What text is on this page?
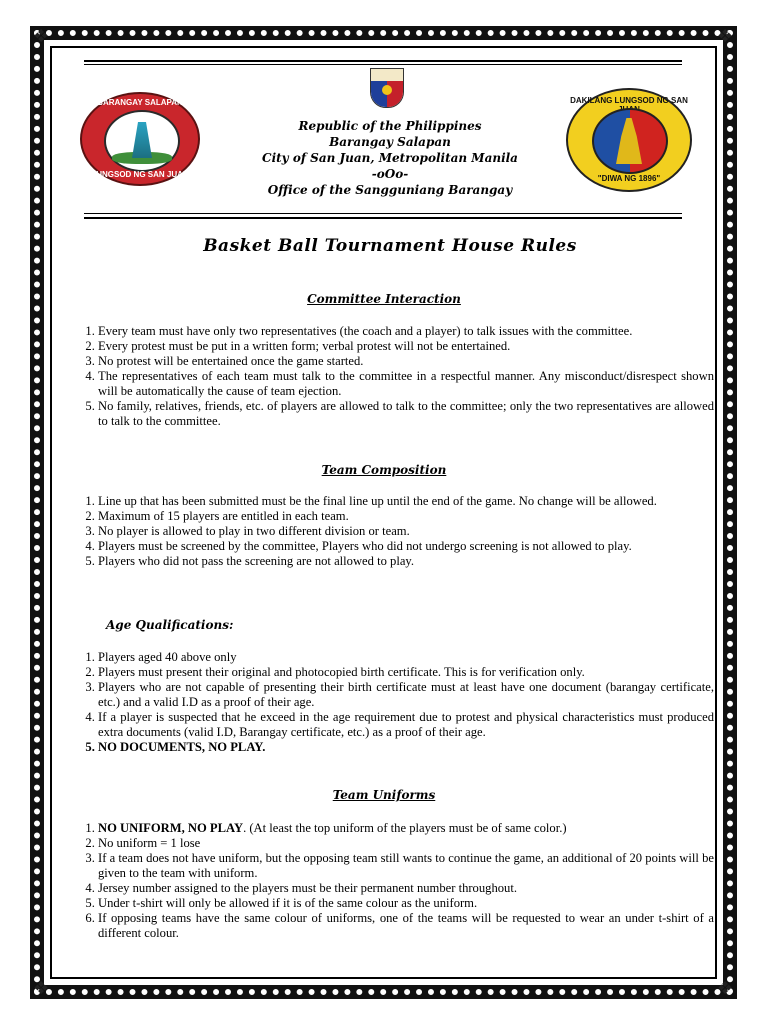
❖	❖
❖	❖
BARANGAY SALAPAN
LUNGSOD NG SAN JUAN
DAKILANG LUNGSOD NG SAN
"DIWA NG 1896"
Republic of the Philippines
Barangay Salapan
City of San Juan, Metropolitan Manila
-oOo-
Office of the Sangguniang Barangay
Basket Ball Tournament House Rules
Committee Interaction
1. Every team must have only two representatives (the coach and a player) to talk issues with the committee.
2. Every protest must be put in a written form; verbal protest will not be entertained.
3. No protest will be entertained once the game started.
4. The representatives of each team must talk to the committee in a respectful manner. Any misconduct/disrespect shown will be automatically the cause of team ejection.
5. No family, relatives, friends, etc. of players are allowed to talk to the committee; only the two representatives are allowed to talk to the committee.
Team Composition
1. Line up that has been submitted must be the final line up until the end of the game. No change will be allowed.
2. Maximum of 15 players are entitled in each team.
3. No player is allowed to play in two different division or team.
4. Players must be screened by the committee, Players who did not undergo screening is not allowed to play.
5. Players who did not pass the screening are not allowed to play.
Age Qualifications:
1. Players aged 40 above only
2. Players must present their original and photocopied birth certificate. This is for verification only.
3. Players who are not capable of presenting their birth certificate must at least have one document (barangay certificate, etc.) and a valid I.D as a proof of their age.
4. If a player is suspected that he exceed in the age requirement due to protest and physical characteristics must produced extra documents (valid I.D, Barangay certificate, etc.) as a proof of their age.
5. NO DOCUMENTS, NO PLAY.
Team Uniforms
1. NO UNIFORM, NO PLAY. (At least the top uniform of the players must be of same color.)
2. No uniform = 1 lose
3. If a team does not have uniform, but the opposing team still wants to continue the game, an additional of 20 points will be given to the team with uniform.
4. Jersey number assigned to the players must be their permanent number throughout.
5. Under t-shirt will only be allowed if it is of the same colour as the uniform.
6. If opposing teams have the same colour of uniforms, one of the teams will be requested to wear an under t-shirt of a different colour.
